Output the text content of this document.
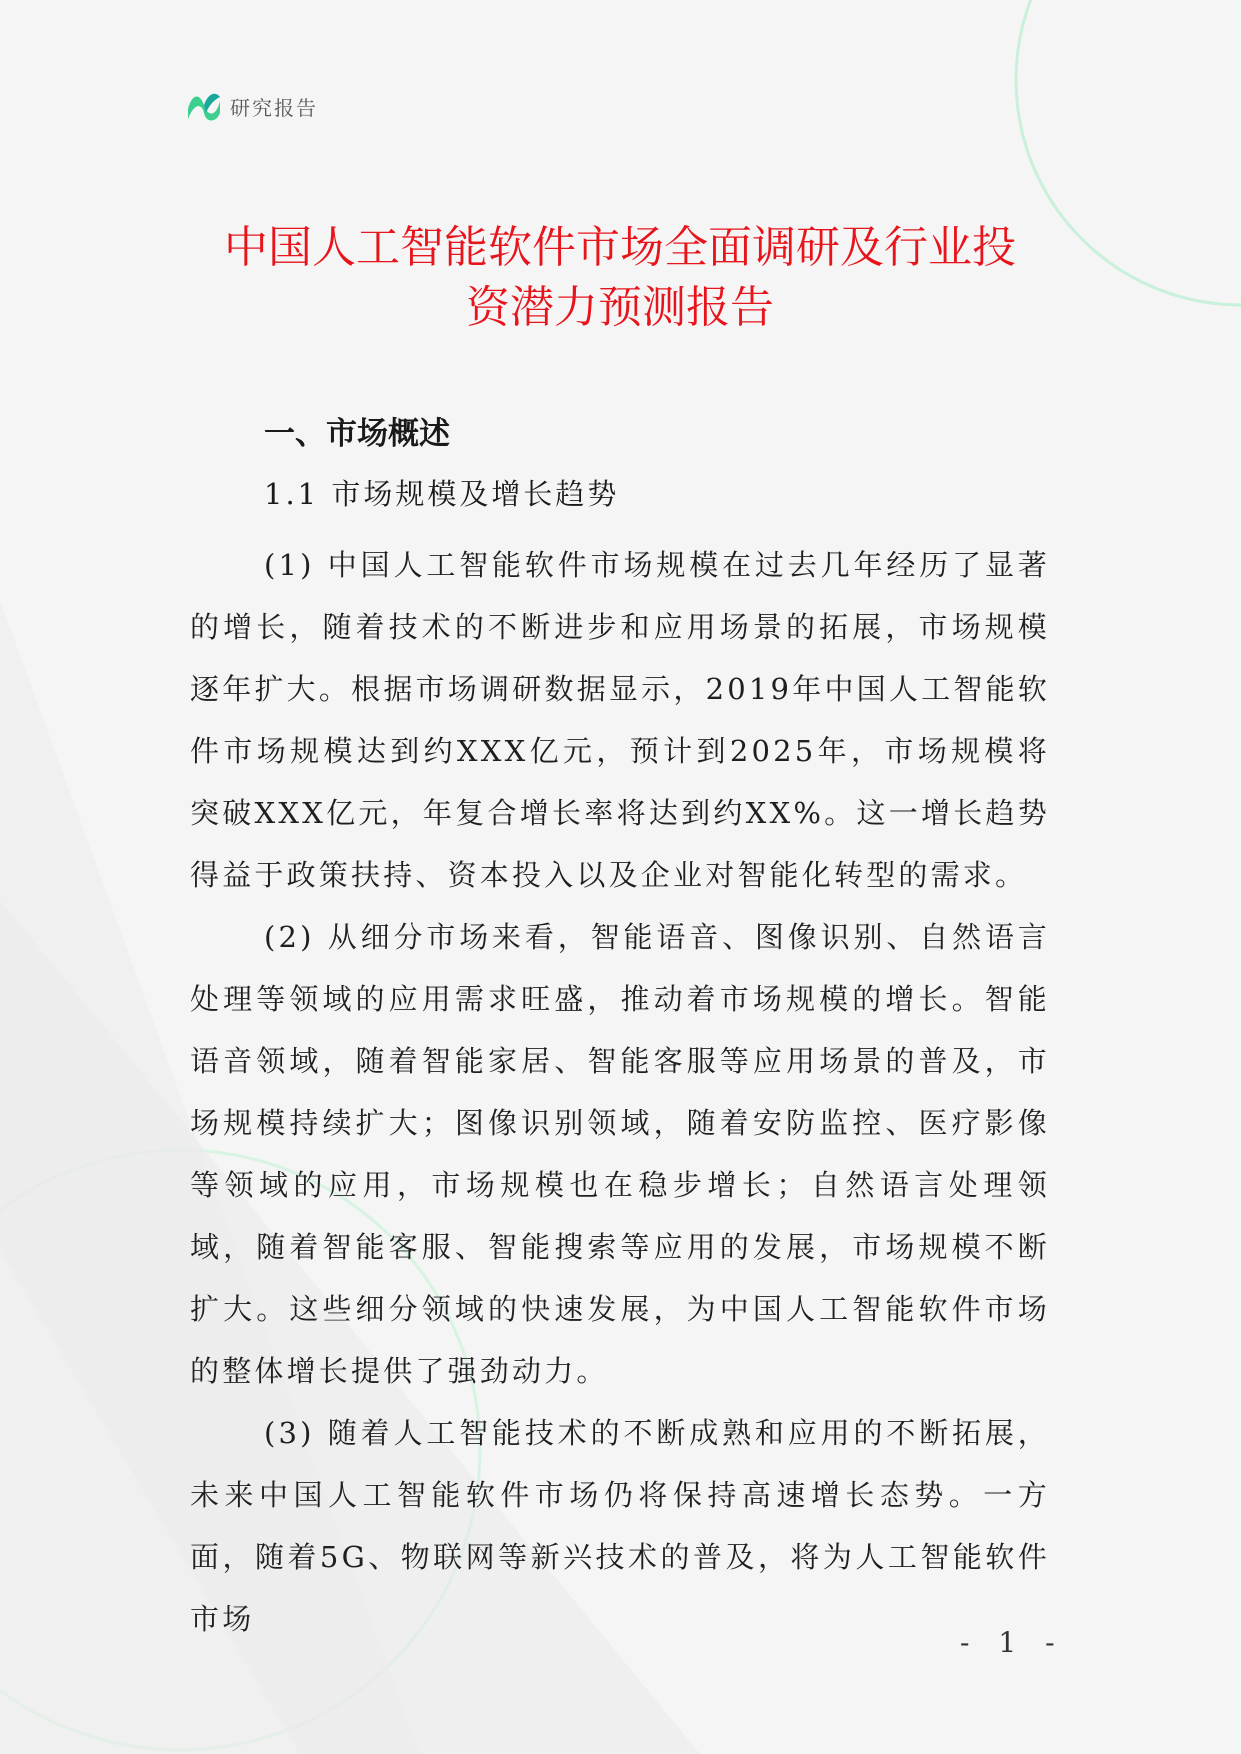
研究报告
中国人工智能软件市场全面调研及行业投
资潜力预测报告
一、市场概述
1.1 市场规模及增长趋势

(1) 中国人工智能软件市场规模在过去几年经历了显著的增长，随着技术的不断进步和应用场景的拓展，市场规模逐年扩大。根据市场调研数据显示，2019年中国人工智能软件市场规模达到约XXX亿元，预计到2025年，市场规模将突破XXX亿元，年复合增长率将达到约XX%。这一增长趋势得益于政策扶持、资本投入以及企业对智能化转型的需求。

(2) 从细分市场来看，智能语音、图像识别、自然语言处理等领域的应用需求旺盛，推动着市场规模的增长。智能语音领域，随着智能家居、智能客服等应用场景的普及，市场规模持续扩大；图像识别领域，随着安防监控、医疗影像等领域的应用，市场规模也在稳步增长；自然语言处理领域，随着智能客服、智能搜索等应用的发展，市场规模不断扩大。这些细分领域的快速发展，为中国人工智能软件市场的整体增长提供了强劲动力。

(3) 随着人工智能技术的不断成熟和应用的不断拓展，未来中国人工智能软件市场仍将保持高速增长态势。一方面，随着5G、物联网等新兴技术的普及，将为人工智能软件市场

- 1 -
